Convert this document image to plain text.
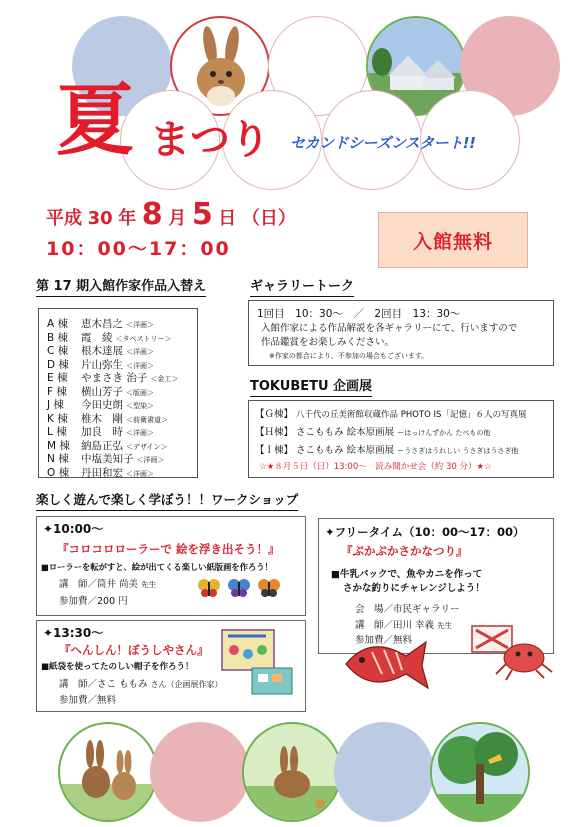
夏 まつり セカンドシーズンスタート!!
平成 30 年 8 月 5 日 （日）
10：00～17：00	入館無料
第 17 期入館作家作品入替え
A 棟 恵木昌之 ＜洋画＞
B 棟 霞　綾 ＜タペストリー＞
C 棟 根木達展 ＜洋画＞
D 棟 片山弥生 ＜洋画＞
E 棟 やまさき 治子 ＜金工＞
F 棟 横山芳子 ＜版画＞
J 棟 今田史朗 ＜型染＞
K 棟 椎木　剛 ＜前衛書道＞
L 棟 加良　時 ＜洋画＞
M 棟 納島正弘 ＜デザイン＞
N 棟 中塩美知子 ＜洋画＞
O 棟 丹田和宏 ＜洋画＞
ギャラリートーク
1回目　10：30～　／　2回目　13：30～
入館作家による作品解説を各ギャラリーにて、行いますので
作品鑑賞をお楽しみください。
※作家の都合により、不参加の場合もございます。
TOKUBETU 企画展
【Ｇ棟】 八千代の丘美術館収蔵作品 PHOTO IS「記憶」６人の写真展
【Ｈ棟】 さこももみ 絵本原画展 ーはっけんずかん たべもの他
【Ｉ棟】 さこももみ 絵本原画展 ーうさぎはうれしい うさぎはうさぎ他
☆★８月５日（日）13:00～　読み聞かせ会（約 30 分）★☆
楽しく遊んで楽しく学ぼう！！ワークショップ
✦10:00～
『コロコロローラーで 絵を浮き出そう！』
■ローラーを転がすと、絵が出てくる楽しい紙版画を作ろう！
講　師／筒井 尚美 先生
参加費／200 円
✦13:30～
『へんしん！ぼうしやさん』
■紙袋を使ってたのしい帽子を作ろう！
講　師／さこ ももみ さん（企画展作家）
参加費／無料
✦フリータイム（10：00～17：00）
『ぷかぷかさかなつり』
■牛乳パックで、魚やカニを作って
さかな釣りにチャレンジしよう！
会　場／市民ギャラリー
講　師／田川 幸義 先生
参加費／無料
